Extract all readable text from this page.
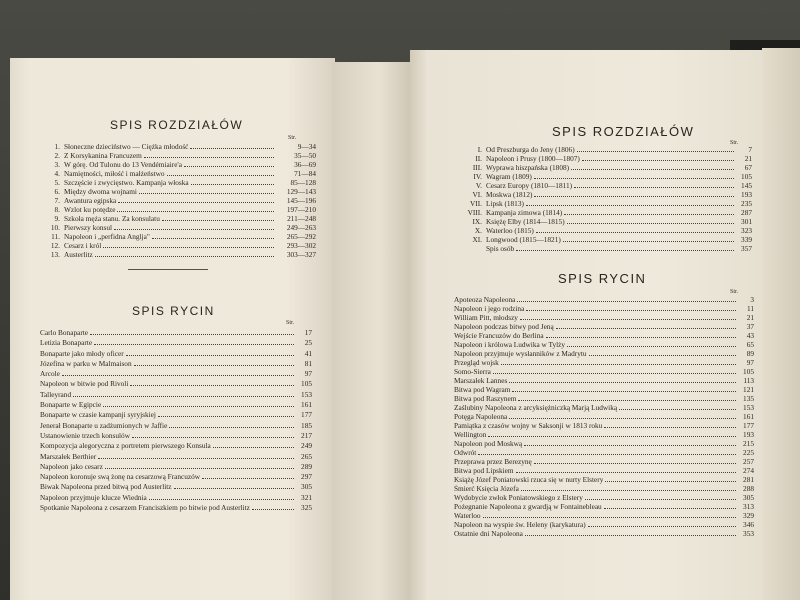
SPIS ROZDZIAŁÓW
Str.
1. Słoneczne dzieciństwo — Ciężka młodość	9—34
2. Z Korsykanina Francuzem	35—50
3. W górę. Od Tulonu do 13 Vendémiaire'a	36—69
4. Namiętności, miłość i małżeństwo	71—84
5. Szczęście i zwycięstwo. Kampanja włoska	85—128
6. Między dwoma wojnami	129—143
7. Awantura egipska	145—196
8. Wzlot ku potędze	197—210
9. Szkoła męża stanu. Za konsulatu	211—248
10. Pierwszy konsul	249—263
11. Napoleon i „perfidna Anglja"	265—292
12. Cesarz i król	293—302
13. Austerlitz	303—327
SPIS RYCIN
Str.
Carlo Bonaparte	17
Letizia Bonaparte	25
Bonaparte jako młody oficer	41
Józefina w parku w Malmaison	81
Arcole	97
Napoleon w bitwie pod Rivoli	105
Talleyrand	153
Bonaparte w Egipcie	161
Bonaparte w czasie kampanji syryjskiej	177
Jenerał Bonaparte u zadżumionych w Jaffie	185
Ustanowienie trzech konsulów	217
Kompozycja alegoryczna z portretem pierwszego Konsula	249
Marszałek Berthier	265
Napoleon jako cesarz	289
Napoleon koronuje swą żonę na cesarzową Francuzów	297
Biwak Napoleona przed bitwą pod Austerlitz	305
Napoleon przyjmuje klucze Wiednia	321
Spotkanie Napoleona z cesarzem Franciszkiem po bitwie pod Austerlitz	325
SPIS ROZDZIAŁÓW
Str.
I. Od Preszburga do Jeny (1806)	7
II. Napoleon i Prusy (1800—1807)	21
III. Wyprawa hiszpańska (1808)	67
IV. Wagram (1809)	105
V. Cesarz Europy (1810—1811)	145
VI. Moskwa (1812)	193
VII. Lipsk (1813)	235
VIII. Kampanja zimowa (1814)	287
IX. Księżę Elby (1814—1815)	301
X. Waterloo (1815)	323
XI. Longwood (1815—1821)	339
Spis osób	357
SPIS RYCIN
Str.
Apoteoza Napoleona	3
Napoleon i jego rodzina	11
William Pitt, młodszy	21
Napoleon podczas bitwy pod Jeną	37
Wejście Francuzów do Berlina	43
Napoleon i królowa Ludwika w Tylży	65
Napoleon przyjmuje wysłanników z Madrytu	89
Przegląd wojsk	97
Somo-Sierra	105
Marszałek Lannes	113
Bitwa pod Wagram	121
Bitwa pod Raszynem	135
Zaślubiny Napoleona z arcyksiężniczką Marją Ludwiką	153
Potęga Napoleona	161
Pamiątka z czasów wojny w Saksonji w 1813 roku	177
Wellington	193
Napoleon pod Moskwą	215
Odwrót	225
Przeprawa przez Berezynę	257
Bitwa pod Lipskiem	274
Książę Józef Poniatowski rzuca się w nurty Elstery	281
Śmierć Księcia Józefa	288
Wydobycie zwłok Poniatowskiego z Elstery	305
Pożegnanie Napoleona z gwardją w Fontainebleau	313
Waterloo	329
Napoleon na wyspie św. Heleny (karykatura)	346
Ostatnie dni Napoleona	353
